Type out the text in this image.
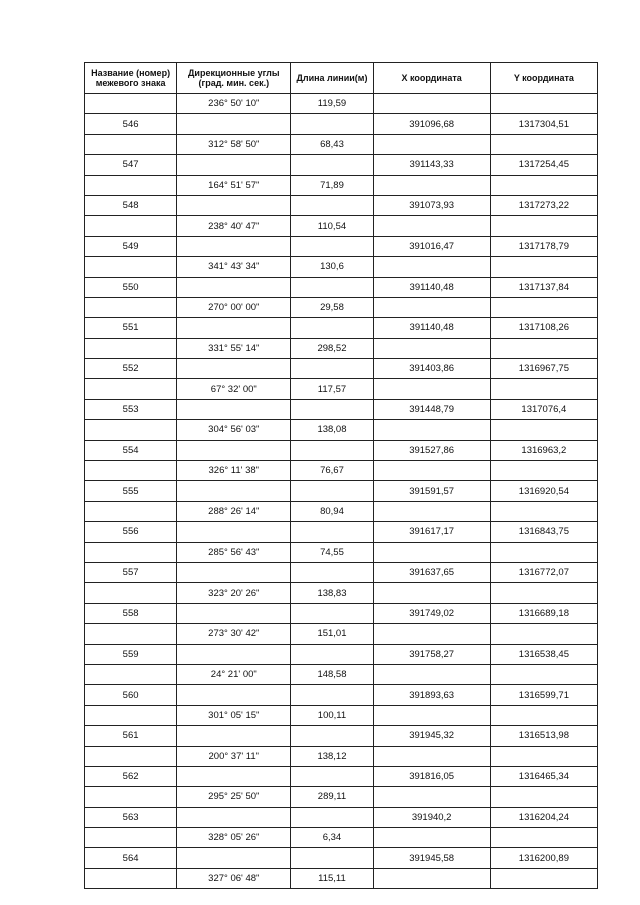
Название (номер) межевого знака	Дирекционные углы (град. мин. сек.)	Длина линии(м)	X координата	Y координата
	236° 50' 10"	119,59		
546			391096,68	1317304,51
	312° 58' 50"	68,43		
547			391143,33	1317254,45
	164° 51' 57"	71,89		
548			391073,93	1317273,22
	238° 40' 47"	110,54		
549			391016,47	1317178,79
	341° 43' 34"	130,6		
550			391140,48	1317137,84
	270° 00' 00"	29,58		
551			391140,48	1317108,26
	331° 55' 14"	298,52		
552			391403,86	1316967,75
	67° 32' 00"	117,57		
553			391448,79	1317076,4
	304° 56' 03"	138,08		
554			391527,86	1316963,2
	326° 11' 38"	76,67		
555			391591,57	1316920,54
	288° 26' 14"	80,94		
556			391617,17	1316843,75
	285° 56' 43"	74,55		
557			391637,65	1316772,07
	323° 20' 26"	138,83		
558			391749,02	1316689,18
	273° 30' 42"	151,01		
559			391758,27	1316538,45
	24° 21' 00"	148,58		
560			391893,63	1316599,71
	301° 05' 15"	100,11		
561			391945,32	1316513,98
	200° 37' 11"	138,12		
562			391816,05	1316465,34
	295° 25' 50"	289,11		
563			391940,2	1316204,24
	328° 05' 26"	6,34		
564			391945,58	1316200,89
	327° 06' 48"	115,11		
